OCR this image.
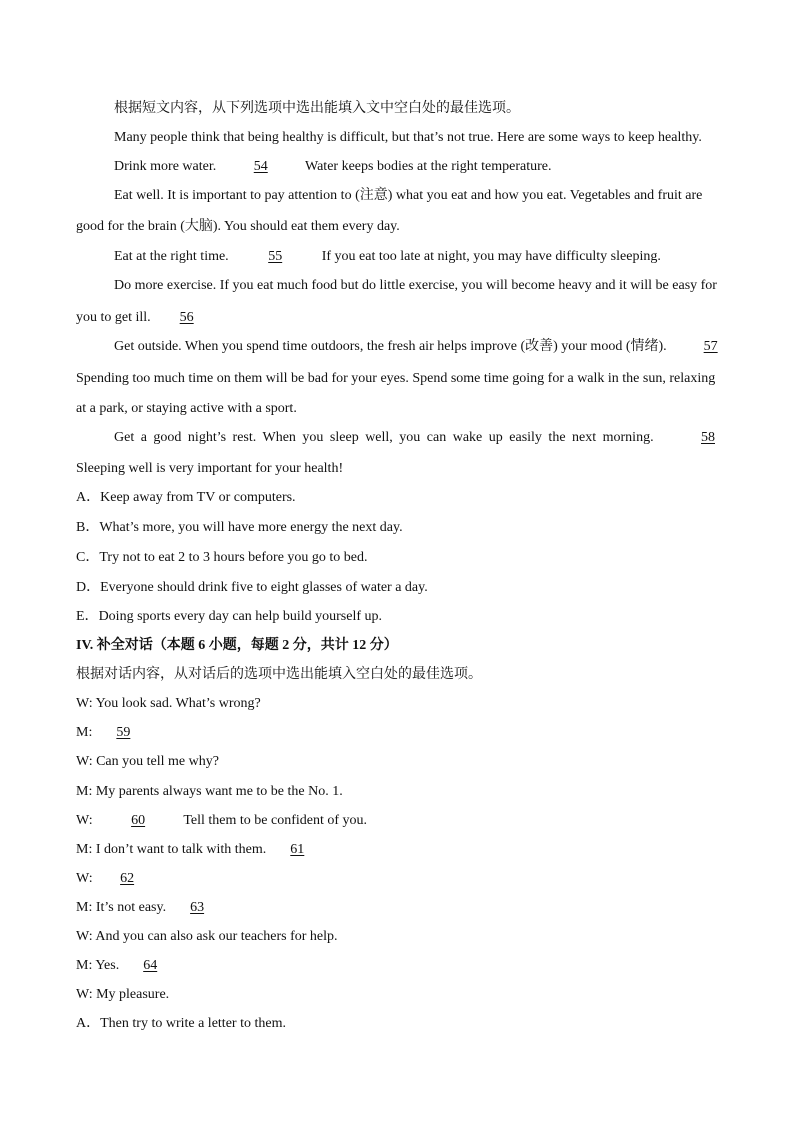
根据短文内容，从下列选项中选出能填入文中空白处的最佳选项。
Many people think that being healthy is difficult, but that’s not true. Here are some ways to keep healthy.
Drink more water.	54	Water keeps bodies at the right temperature.
Eat well. It is important to pay attention to (注意) what you eat and how you eat. Vegetables and fruit are
good for the brain (大脑). You should eat them every day.
Eat at the right time.	55	If you eat too late at night, you may have difficulty sleeping.
Do more exercise. If you eat much food but do little exercise, you will become heavy and it will be easy for
you to get ill. 56
Get outside. When you spend time outdoors, the fresh air helps improve (改善) your mood (情绪).	57
Spending too much time on them will be bad for your eyes. Spend some time going for a walk in the sun, relaxing
at a park, or staying active with a sport.
Get a good night’s rest. When you sleep well, you can wake up easily the next morning.	58
Sleeping well is very important for your health!
A．Keep away from TV or computers.
B．What’s more, you will have more energy the next day.
C．Try not to eat 2 to 3 hours before you go to bed.
D．Everyone should drink five to eight glasses of water a day.
E．Doing sports every day can help build yourself up.
IV. 补全对话（本题 6 小题，每题 2 分，共计 12 分）
根据对话内容，从对话后的选项中选出能填入空白处的最佳选项。
W: You look sad. What’s wrong?
M: 59
W: Can you tell me why?
M: My parents always want me to be the No. 1.
W:	60	Tell them to be confident of you.
M: I don’t want to talk with them. 61
W: 62
M: It’s not easy. 63
W: And you can also ask our teachers for help.
M: Yes. 64
W: My pleasure.
A．Then try to write a letter to them.
